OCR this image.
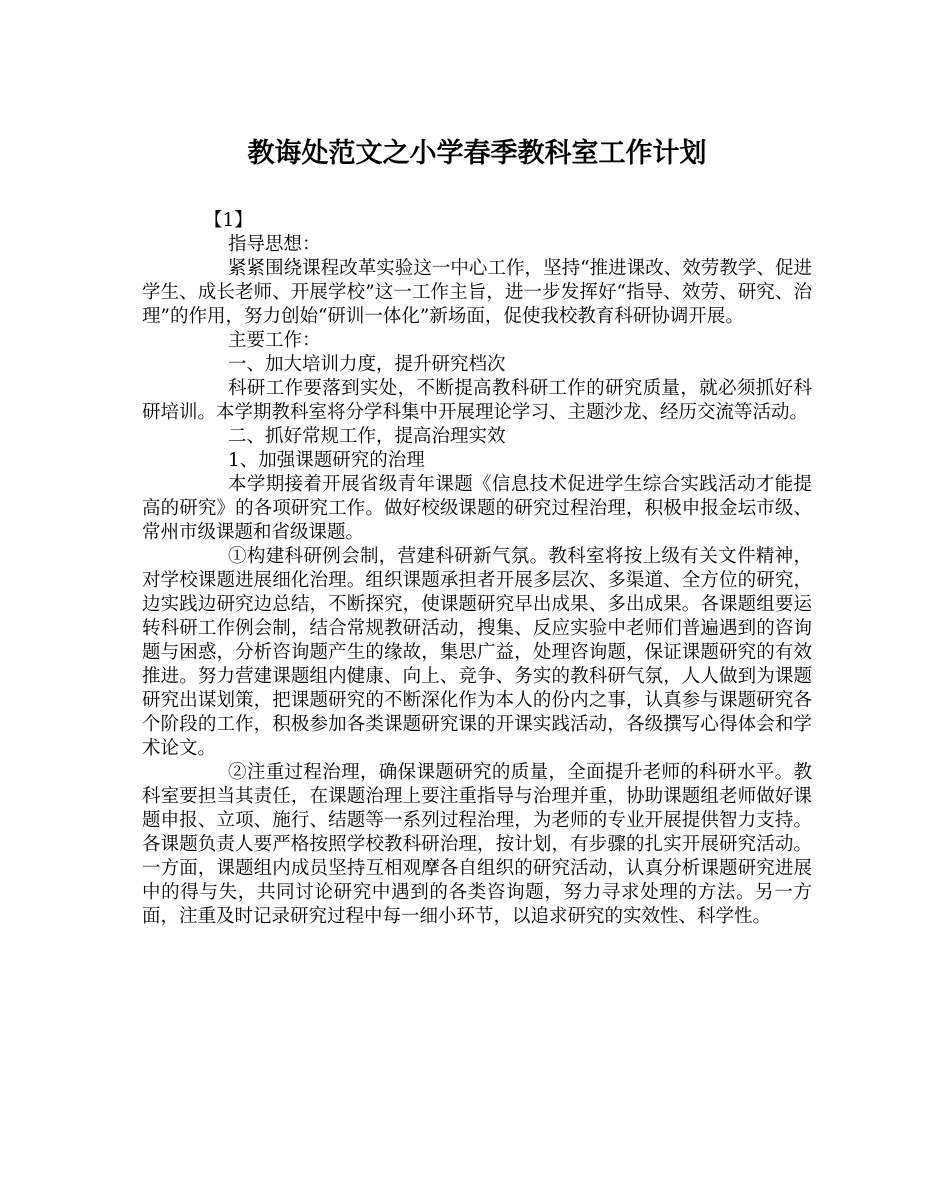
教诲处范文之小学春季教科室工作计划

【1】

指导思想：

紧紧围绕课程改革实验这一中心工作，坚持“推进课改、效劳教学、促进学生、成长老师、开展学校”这一工作主旨，进一步发挥好“指导、效劳、研究、治理”的作用，努力创始“研训一体化”新场面，促使我校教育科研协调开展。

主要工作：

一、加大培训力度，提升研究档次

科研工作要落到实处，不断提高教科研工作的研究质量，就必须抓好科研培训。本学期教科室将分学科集中开展理论学习、主题沙龙、经历交流等活动。

二、抓好常规工作，提高治理实效

1、加强课题研究的治理

本学期接着开展省级青年课题《信息技术促进学生综合实践活动才能提高的研究》的各项研究工作。做好校级课题的研究过程治理，积极申报金坛市级、常州市级课题和省级课题。

①构建科研例会制，营建科研新气氛。教科室将按上级有关文件精神，对学校课题进展细化治理。组织课题承担者开展多层次、多渠道、全方位的研究，边实践边研究边总结，不断探究，使课题研究早出成果、多出成果。各课题组要运转科研工作例会制，结合常规教研活动，搜集、反应实验中老师们普遍遇到的咨询题与困惑，分析咨询题产生的缘故，集思广益，处理咨询题，保证课题研究的有效推进。努力营建课题组内健康、向上、竞争、务实的教科研气氛，人人做到为课题研究出谋划策，把课题研究的不断深化作为本人的份内之事，认真参与课题研究各个阶段的工作，积极参加各类课题研究课的开课实践活动，各级撰写心得体会和学术论文。

②注重过程治理，确保课题研究的质量，全面提升老师的科研水平。教科室要担当其责任，在课题治理上要注重指导与治理并重，协助课题组老师做好课题申报、立项、施行、结题等一系列过程治理，为老师的专业开展提供智力支持。各课题负责人要严格按照学校教科研治理，按计划，有步骤的扎实开展研究活动。一方面，课题组内成员坚持互相观摩各自组织的研究活动，认真分析课题研究进展中的得与失，共同讨论研究中遇到的各类咨询题，努力寻求处理的方法。另一方面，注重及时记录研究过程中每一细小环节，以追求研究的实效性、科学性。
